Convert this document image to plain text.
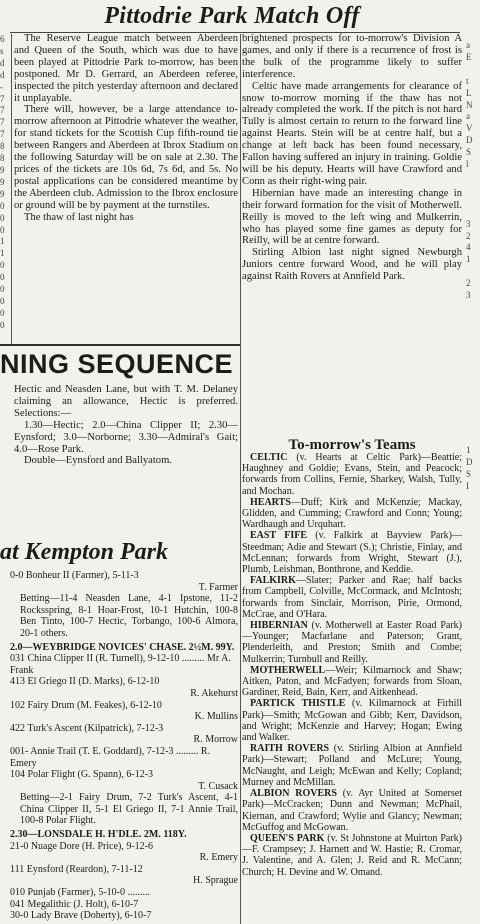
Pittodrie Park Match Off
6
s
d
d
-
7
7
7
7
8
8
9
9
9
0
0
0
1
1
0
0
0
0
0
0
a
E

t
L
N
a
V
D
S
l

3
2
4
1

2
3

1
D
S
I

The Reserve League match between Aberdeen and Queen of the South, which was due to have been played at Pittodrie Park to-morrow, has been postponed. Mr D. Gerrard, an Aberdeen referee, inspected the pitch yesterday afternoon and declared it unplayable.

There will, however, be a large attendance to-morrow afternoon at Pittodrie whatever the weather, for stand tickets for the Scottish Cup fifth-round tie between Rangers and Aberdeen at Ibrox Stadium on the following Saturday will be on sale at 2.30. The prices of the tickets are 10s 6d, 7s 6d, and 5s. No postal applications can be considered meantime by the Aberdeen club. Admission to the Ibrox enclosure or ground will be by payment at the turnstiles.

The thaw of last night has

brightened prospects for to-morrow's Division A games, and only if there is a recurrence of frost is the bulk of the programme likely to suffer interference.

Celtic have made arrangements for clearance of snow to-morrow morning if the thaw has not already completed the work. If the pitch is not hard Tully is almost certain to return to the forward line against Hearts. Stein will be at centre half, but a change at left back has been found necessary, Fallon having suffered an injury in training. Goldie will be his deputy. Hearts will have Crawford and Conn as their right-wing pair.

Hibernian have made an interesting change in their forward formation for the visit of Motherwell. Reilly is moved to the left wing and Mulkerrin, who has played some fine games as deputy for Reilly, will be at centre forward.

Stirling Albion last night signed Newburgh Juniors centre forward Wood, and he will play against Raith Rovers at Annfield Park.

NING SEQUENCE

Hectic and Neasden Lane, but with T. M. Delaney claiming an allowance, Hectic is preferred. Selections:—

1.30—Hectic; 2.0—China Clipper II; 2.30—Eynsford; 3.0—Norborne; 3.30—Admiral's Gait; 4.0—Rose Park.

Double—Eynsford and Ballyatom.

at Kempton Park

0-0 Bonheur II (Farmer), 5-11-3

T. Farmer

Betting—11-4 Neasden Lane, 4-1 Ipstone, 11-2 Rocksspring, 8-1 Hoar-Frost, 10-1 Hutchin, 100-8 Ben Tinto, 100-7 Hectic, Torbango, 100-6 Almora, 20-1 others.

2.0—WEYBRIDGE NOVICES' CHASE. 2½M. 99Y.

031 China Clipper II (R. Turnell), 9-12-10 ......... Mr A. Frank

413 El Griego II (D. Marks), 6-12-10

R. Akehurst

102 Fairy Drum (M. Feakes), 6-12-10

K. Mullins

422 Turk's Ascent (Kilpatrick), 7-12-3

R. Morrow

001- Annie Trail (T. E. Goddard), 7-12-3 ......... R. Emery

104 Polar Flight (G. Spann), 6-12-3

T. Cusack

Betting—2-1 Fairy Drum, 7-2 Turk's Ascent, 4-1 China Clipper II, 5-1 El Griego II, 7-1 Annie Trail, 100-8 Polar Flight.

2.30—LONSDALE H. H'DLE. 2M. 118Y.

21-0 Nuage Dore (H. Price), 9-12-6

R. Emery

111 Eynsford (Reardon), 7-11-12

H. Sprague

010 Punjab (Farmer), 5-10-0 .........

041 Megalithic (J. Holt), 6-10-7

30-0 Lady Brave (Doherty), 6-10-7

To-morrow's Teams

CELTIC (v. Hearts at Celtic Park)—Beattie; Haughney and Goldie; Evans, Stein, and Peacock; forwards from Collins, Fernie, Sharkey, Walsh, Tully, and Mochan.

HEARTS—Duff; Kirk and McKenzie; Mackay, Glidden, and Cumming; Crawford and Conn; Young; Wardhaugh and Urquhart.

EAST FIFE (v. Falkirk at Bayview Park)—Steedman; Adie and Stewart (S.); Christie, Finlay, and McLennan; forwards from Wright, Stewart (J.), Plumb, Leishman, Bonthrone, and Keddie.

FALKIRK—Slater; Parker and Rae; half backs from Campbell, Colville, McCormack, and McIntosh; forwards from Sinclair, Morrison, Pirie, Ormond, McCrae, and O'Hara.

HIBERNIAN (v. Motherwell at Easter Road Park)—Younger; Macfarlane and Paterson; Grant, Plenderleith, and Preston; Smith and Combe; Mulkerrin; Turnbull and Reilly.

MOTHERWELL—Weir; Kilmarnock and Shaw; Aitken, Paton, and McFadyen; forwards from Sloan, Gardiner, Reid, Bain, Kerr, and Aitkenhead.

PARTICK THISTLE (v. Kilmarnock at Firhill Park)—Smith; McGowan and Gibb; Kerr, Davidson, and Wright; McKenzie and Harvey; Hogan; Ewing and Walker.

RAITH ROVERS (v. Stirling Albion at Annfield Park)—Stewart; Polland and McLure; Young, McNaught, and Leigh; McEwan and Kelly; Copland; Murney and McMillan.

ALBION ROVERS (v. Ayr United at Somerset Park)—McCracken; Dunn and Newman; McPhail, Kiernan, and Crawford; Wylie and Glancy; Newman; McGuffog and McGowan.

QUEEN'S PARK (v. St Johnstone at Muirton Park)—F. Crampsey; J. Harnett and W. Hastie; R. Cromar, J. Valentine, and A. Glen; J. Reid and R. McCann; Church; H. Devine and W. Omand.
